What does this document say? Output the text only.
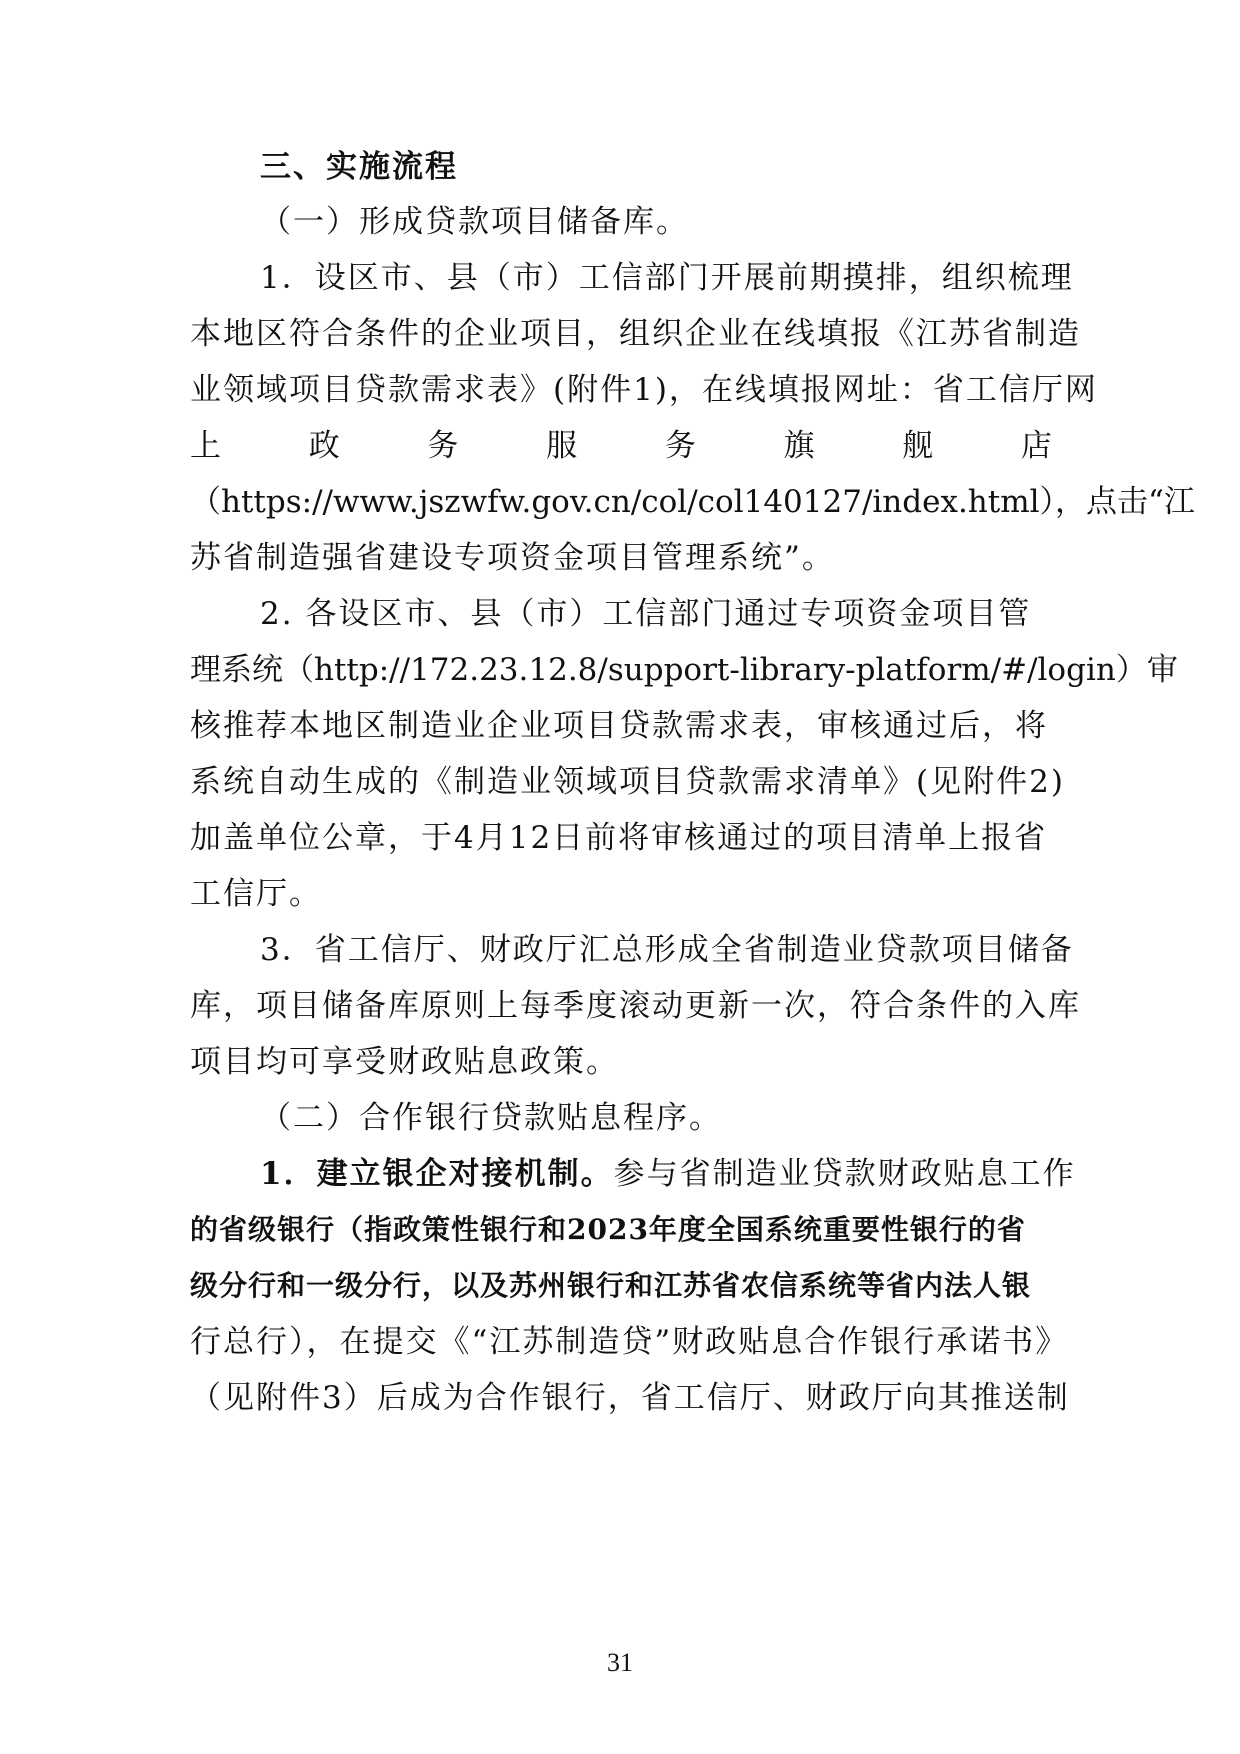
三、实施流程
（一）形成贷款项目储备库。
1．设区市、县（市）工信部门开展前期摸排，组织梳理
本地区符合条件的企业项目，组织企业在线填报《江苏省制造
业领域项目贷款需求表》(附件1)，在线填报网址：省工信厅网
上	政	务	服	务	旗	舰	店
（https://www.jszwfw.gov.cn/col/col140127/index.html），点击“江
苏省制造强省建设专项资金项目管理系统”。
2. 各设区市、县（市）工信部门通过专项资金项目管
理系统（http://172.23.12.8/support-library-platform/#/login）审
核推荐本地区制造业企业项目贷款需求表，审核通过后，将
系统自动生成的《制造业领域项目贷款需求清单》(见附件2)
加盖单位公章，于4月12日前将审核通过的项目清单上报省
工信厅。
3．省工信厅、财政厅汇总形成全省制造业贷款项目储备
库，项目储备库原则上每季度滚动更新一次，符合条件的入库
项目均可享受财政贴息政策。
（二）合作银行贷款贴息程序。
1．建立银企对接机制。参与省制造业贷款财政贴息工作
的省级银行（指政策性银行和2023年度全国系统重要性银行的省
级分行和一级分行，以及苏州银行和江苏省农信系统等省内法人银
行总行），在提交《“江苏制造贷”财政贴息合作银行承诺书》
（见附件3）后成为合作银行，省工信厅、财政厅向其推送制
31
